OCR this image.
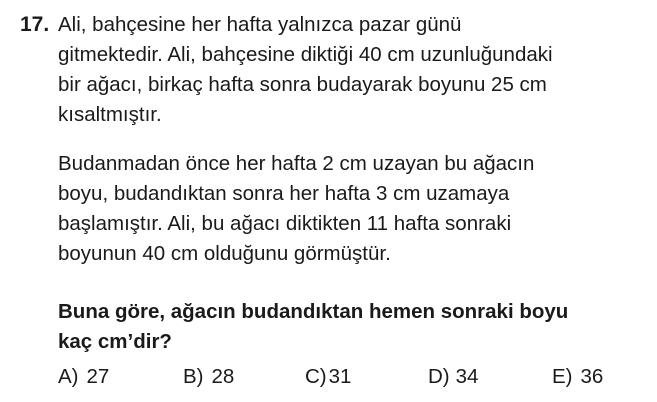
17. Ali, bahçesine her hafta yalnızca pazar günü
gitmektedir. Ali, bahçesine diktiği 40 cm uzunluğundaki
bir ağacı, birkaç hafta sonra budayarak boyunu 25 cm
kısaltmıştır.

Budanmadan önce her hafta 2 cm uzayan bu ağacın
boyu, budandıktan sonra her hafta 3 cm uzamaya
başlamıştır. Ali, bu ağacı diktikten 11 hafta sonraki
boyunun 40 cm olduğunu görmüştür.

Buna göre, ağacın budandıktan hemen sonraki boyu
kaç cm’dir?

A) 27	B) 28	C)31	D) 34	E) 36
